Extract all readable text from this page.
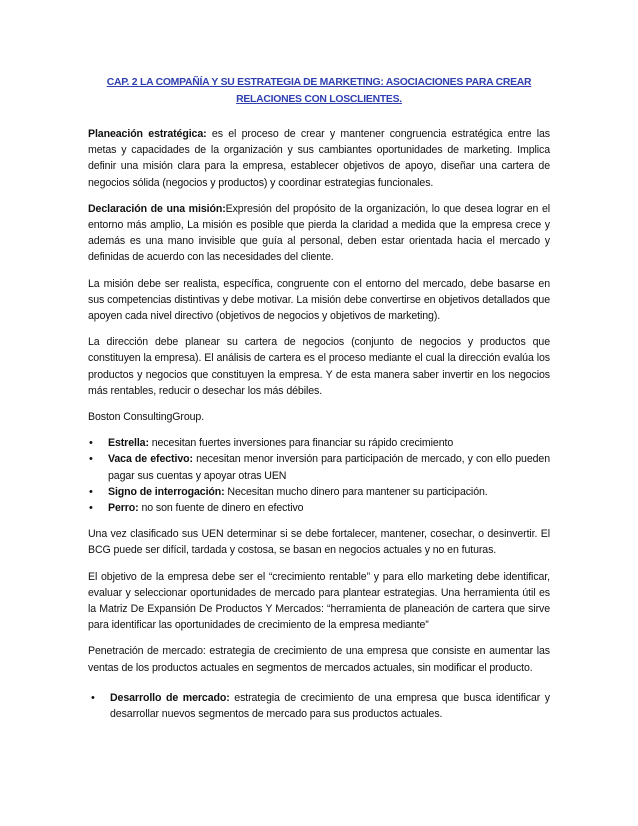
CAP. 2 LA COMPAÑÍA Y SU ESTRATEGIA DE MARKETING: ASOCIACIONES PARA CREAR
RELACIONES CON LOSCLIENTES.

Planeación estratégica: es el proceso de crear y mantener congruencia estratégica entre las metas y capacidades de la organización y sus cambiantes oportunidades de marketing. Implica definir una misión clara para la empresa, establecer objetivos de apoyo, diseñar una cartera de negocios sólida (negocios y productos) y coordinar estrategias funcionales.

Declaración de una misión:Expresión del propósito de la organización, lo que desea lograr en el entorno más amplio, La misión es posible que pierda la claridad a medida que la empresa crece y además es una mano invisible que guía al personal, deben estar orientada hacia el mercado y definidas de acuerdo con las necesidades del cliente.

La misión debe ser realista, específica, congruente con el entorno del mercado, debe basarse en sus competencias distintivas y debe motivar. La misión debe convertirse en objetivos detallados que apoyen cada nivel directivo (objetivos de negocios y objetivos de marketing).

La dirección debe planear su cartera de negocios (conjunto de negocios y productos que constituyen la empresa). El análisis de cartera es el proceso mediante el cual la dirección evalúa los productos y negocios que constituyen la empresa. Y de esta manera saber invertir en los negocios más rentables, reducir o desechar los más débiles.

Boston ConsultingGroup.

• Estrella: necesitan fuertes inversiones para financiar su rápido crecimiento
• Vaca de efectivo: necesitan menor inversión para participación de mercado, y con ello pueden pagar sus cuentas y apoyar otras UEN
• Signo de interrogación: Necesitan mucho dinero para mantener su participación.
• Perro: no son fuente de dinero en efectivo

Una vez clasificado sus UEN determinar si se debe fortalecer, mantener, cosechar, o desinvertir. El BCG puede ser difícil, tardada y costosa, se basan en negocios actuales y no en futuras.

El objetivo de la empresa debe ser el “crecimiento rentable” y para ello marketing debe identificar, evaluar y seleccionar oportunidades de mercado para plantear estrategias. Una herramienta útil es la Matriz De Expansión De Productos Y Mercados: “herramienta de planeación de cartera que sirve para identificar las oportunidades de crecimiento de la empresa mediante”

Penetración de mercado: estrategia de crecimiento de una empresa que consiste en aumentar las ventas de los productos actuales en segmentos de mercados actuales, sin modificar el producto.

• Desarrollo de mercado: estrategia de crecimiento de una empresa que busca identificar y desarrollar nuevos segmentos de mercado para sus productos actuales.
